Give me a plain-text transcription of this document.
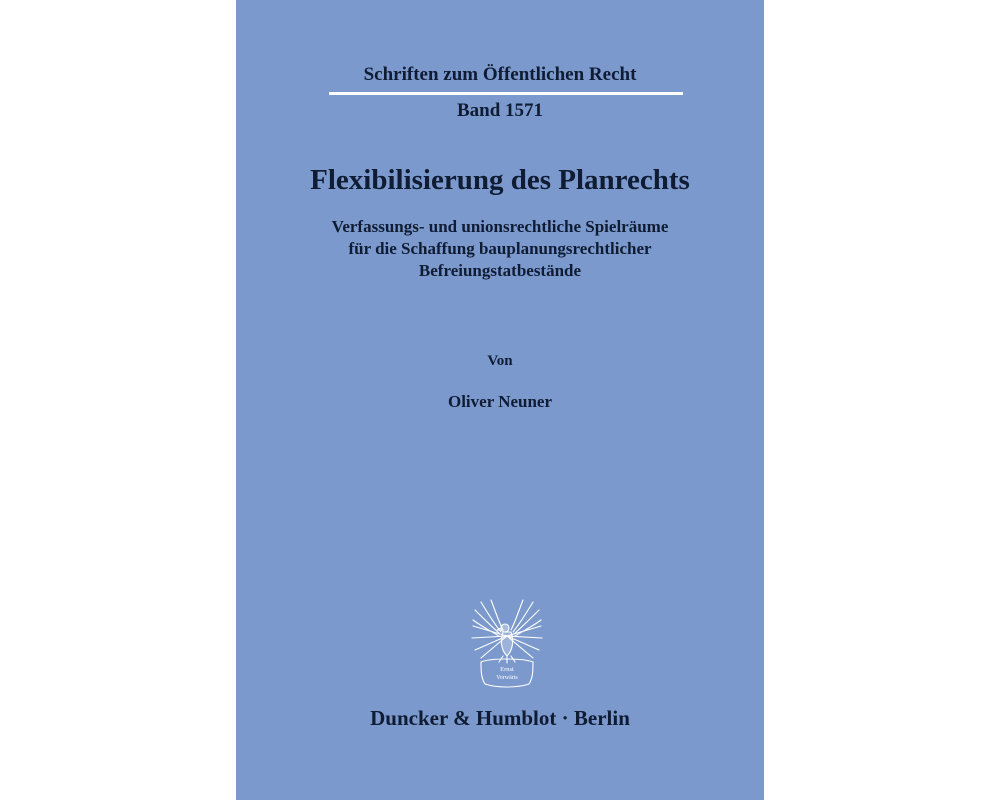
Schriften zum Öffentlichen Recht
Band 1571
Flexibilisierung des Planrechts
Verfassungs- und unionsrechtliche Spielräume
für die Schaffung bauplanungsrechtlicher
Befreiungstatbestände
Von
Oliver Neuner
Ernst
Vorwärts
Duncker & Humblot · Berlin
